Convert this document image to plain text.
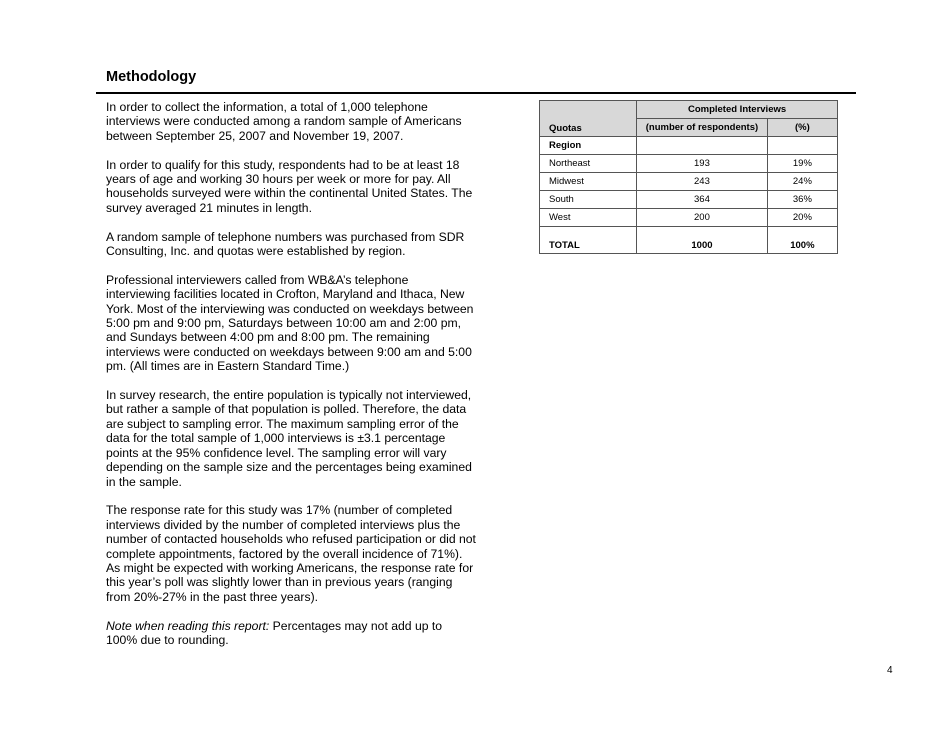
Methodology

In order to collect the information, a total of 1,000 telephone interviews were conducted among a random sample of Americans between September 25, 2007 and November 19, 2007.

In order to qualify for this study, respondents had to be at least 18 years of age and working 30 hours per week or more for pay. All households surveyed were within the continental United States. The survey averaged 21 minutes in length.

A random sample of telephone numbers was purchased from SDR Consulting, Inc. and quotas were established by region.

Professional interviewers called from WB&A’s telephone interviewing facilities located in Crofton, Maryland and Ithaca, New York. Most of the interviewing was conducted on weekdays between 5:00 pm and 9:00 pm, Saturdays between 10:00 am and 2:00 pm, and Sundays between 4:00 pm and 8:00 pm. The remaining interviews were conducted on weekdays between 9:00 am and 5:00 pm. (All times are in Eastern Standard Time.)

In survey research, the entire population is typically not interviewed, but rather a sample of that population is polled. Therefore, the data are subject to sampling error. The maximum sampling error of the data for the total sample of 1,000 interviews is ±3.1 percentage points at the 95% confidence level. The sampling error will vary depending on the sample size and the percentages being examined in the sample.

The response rate for this study was 17% (number of completed interviews divided by the number of completed interviews plus the number of contacted households who refused participation or did not complete appointments, factored by the overall incidence of 71%). As might be expected with working Americans, the response rate for this year’s poll was slightly lower than in previous years (ranging from 20%-27% in the past three years).

Note when reading this report: Percentages may not add up to 100% due to rounding.

Quotas	Completed Interviews	
	(number of respondents)	(%)
Region		
Northeast	193	19%
Midwest	243	24%
South	364	36%
West	200	20%
TOTAL	1000	100%
4
